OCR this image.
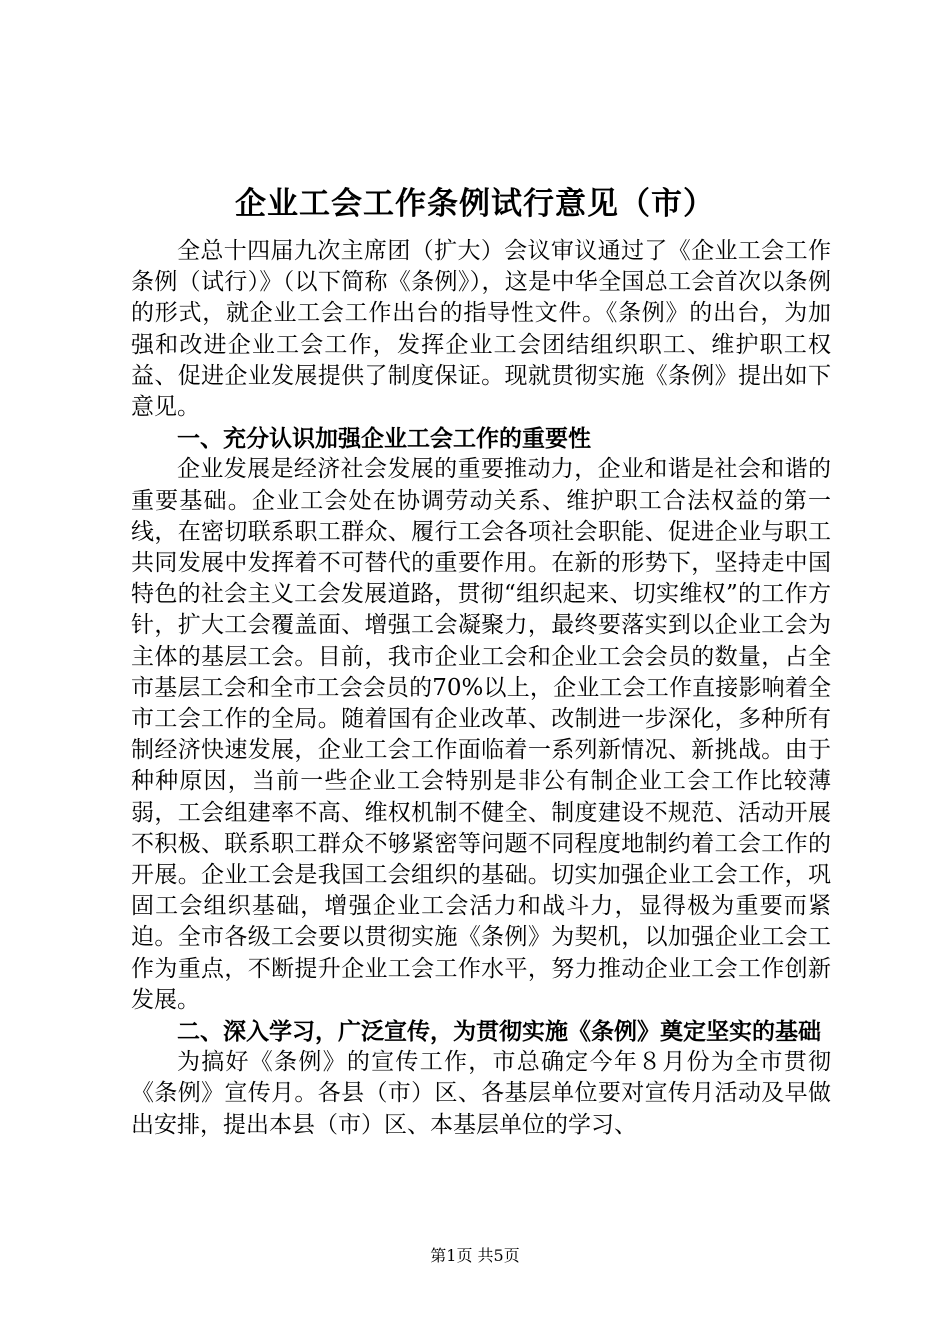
企业工会工作条例试行意见（市）

全总十四届九次主席团（扩大）会议审议通过了《企业工会工作条例（试行）》（以下简称《条例》），这是中华全国总工会首次以条例的形式，就企业工会工作出台的指导性文件。《条例》的出台，为加强和改进企业工会工作，发挥企业工会团结组织职工、维护职工权益、促进企业发展提供了制度保证。现就贯彻实施《条例》提出如下意见。

一、充分认识加强企业工会工作的重要性

企业发展是经济社会发展的重要推动力，企业和谐是社会和谐的重要基础。企业工会处在协调劳动关系、维护职工合法权益的第一线，在密切联系职工群众、履行工会各项社会职能、促进企业与职工共同发展中发挥着不可替代的重要作用。在新的形势下，坚持走中国特色的社会主义工会发展道路，贯彻“组织起来、切实维权”的工作方针，扩大工会覆盖面、增强工会凝聚力，最终要落实到以企业工会为主体的基层工会。目前，我市企业工会和企业工会会员的数量，占全市基层工会和全市工会会员的70%以上，企业工会工作直接影响着全市工会工作的全局。随着国有企业改革、改制进一步深化，多种所有制经济快速发展，企业工会工作面临着一系列新情况、新挑战。由于种种原因，当前一些企业工会特别是非公有制企业工会工作比较薄弱，工会组建率不高、维权机制不健全、制度建设不规范、活动开展不积极、联系职工群众不够紧密等问题不同程度地制约着工会工作的开展。企业工会是我国工会组织的基础。切实加强企业工会工作，巩固工会组织基础，增强企业工会活力和战斗力，显得极为重要而紧迫。全市各级工会要以贯彻实施《条例》为契机，以加强企业工会工作为重点，不断提升企业工会工作水平，努力推动企业工会工作创新发展。

二、深入学习，广泛宣传，为贯彻实施《条例》奠定坚实的基础

为搞好《条例》的宣传工作，市总确定今年８月份为全市贯彻《条例》宣传月。各县（市）区、各基层单位要对宣传月活动及早做出安排，提出本县（市）区、本基层单位的学习、

第1页 共5页
